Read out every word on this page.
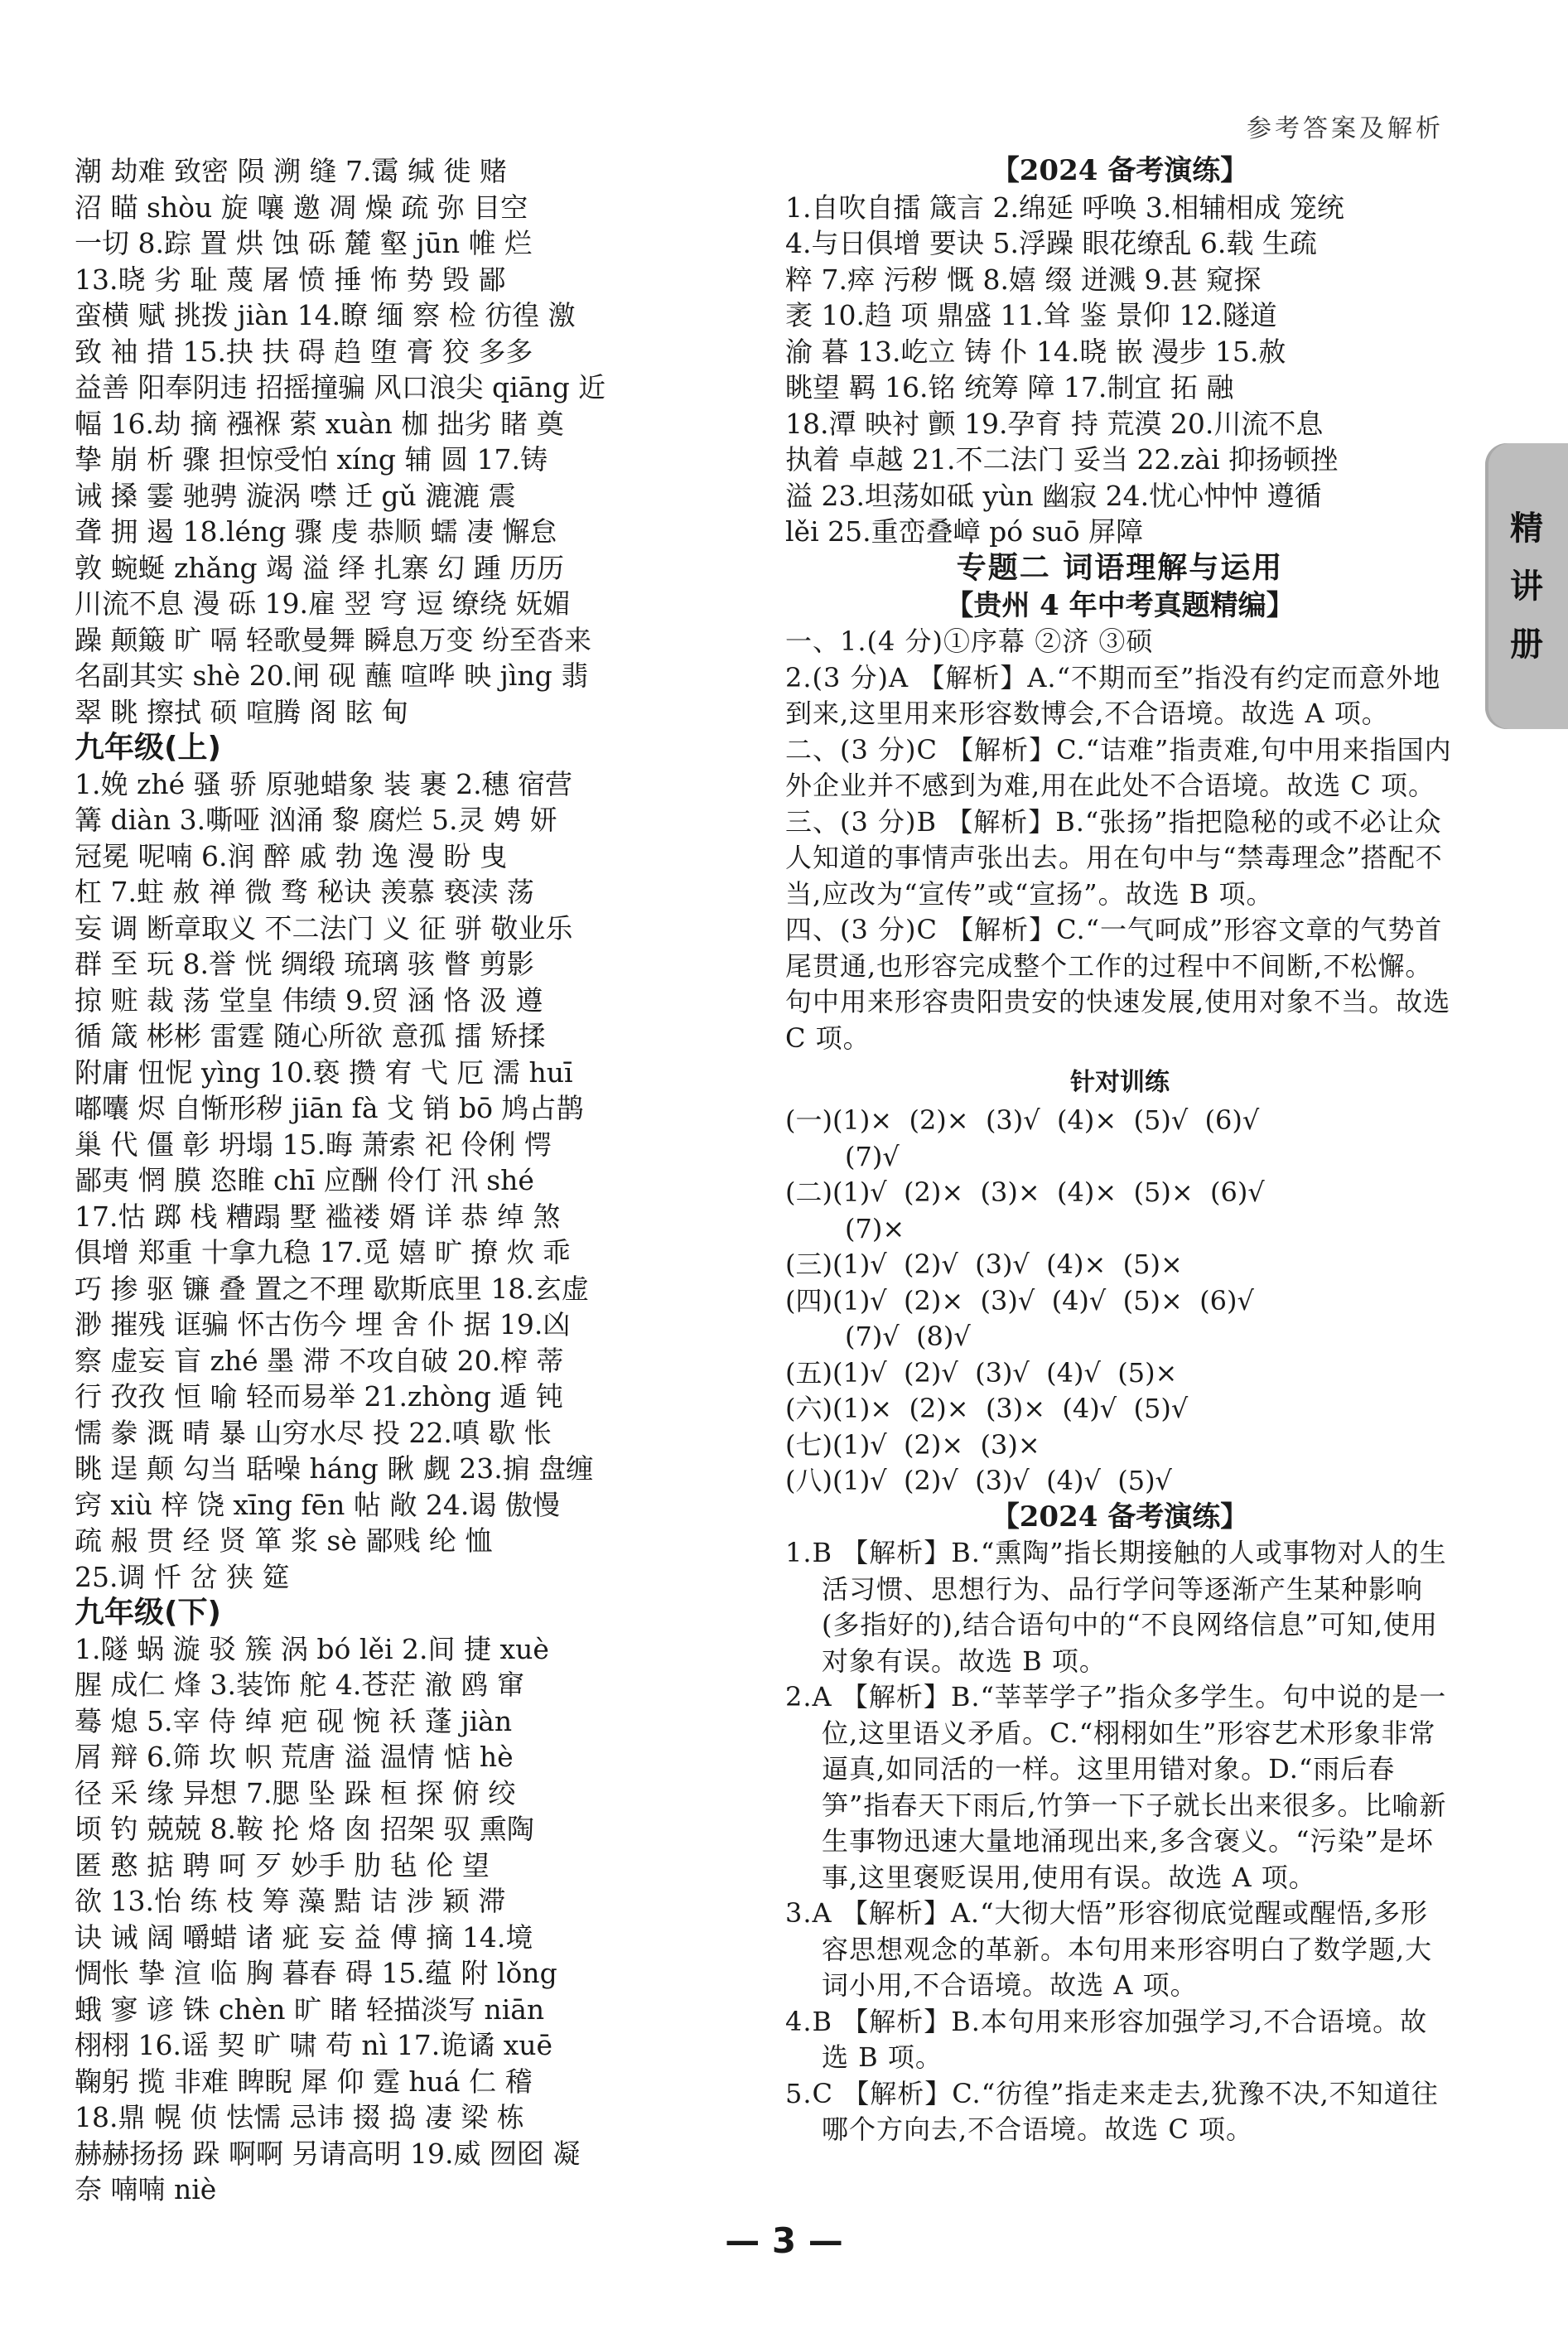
参考答案及解析
精
讲
册
潮 劫难 致密 陨 溯 缝 7.霭 缄 徙 赌
沼 瞄 shòu 旋 嚷 邀 凋 燥 疏 弥 目空
一切 8.踪 置 烘 蚀 砾 麓 壑 jūn 帷 烂
13.晓 劣 耻 蔑 屠 愤 捶 怖 势 毁 鄙
蛮横 赋 挑拨 jiàn 14.瞭 缅 察 检 彷徨 激
致 袖 措 15.抉 扶 碍 趋 堕 膏 狡 多多
益善 阳奉阴违 招摇撞骗 风口浪尖 qiāng 近
幅 16.劫 摘 襁褓 萦 xuàn 枷 拙劣 睹 奠
挚 崩 析 骤 担惊受怕 xíng 辅 圆 17.铸
诫 搡 霎 驰骋 漩涡 噤 迁 gǔ 漉漉 震
聋 拥 遏 18.léng 骤 虔 恭顺 蠕 凄 懈怠
敦 蜿蜒 zhǎng 竭 溢 绎 扎寨 幻 踵 历历
川流不息 漫 砾 19.雇 翌 穹 逗 缭绕 妩媚
躁 颠簸 旷 嗝 轻歌曼舞 瞬息万变 纷至沓来
名副其实 shè 20.闸 砚 蘸 喧哗 映 jìng 翡
翠 眺 擦拭 硕 喧腾 阁 眩 甸
九年级(上)
1.娩 zhé 骚 骄 原驰蜡象 装 裹 2.穗 宿营
篝 diàn 3.嘶哑 汹涌 黎 腐烂 5.灵 娉 妍
冠冕 呢喃 6.润 醉 戚 勃 逸 漫 盼 曳
杠 7.蛀 赦 禅 微 骛 秘诀 羡慕 亵渎 荡
妄 调 断章取义 不二法门 义 征 骈 敬业乐
群 至 玩 8.誉 恍 绸缎 琉璃 骇 瞥 剪影
掠 赃 裁 荡 堂皇 伟绩 9.贸 涵 恪 汲 遵
循 箴 彬彬 雷霆 随心所欲 意孤 擂 矫揉
附庸 忸怩 yìng 10.亵 攒 宥 弋 厄 濡 huī
嘟囔 烬 自惭形秽 jiān fà 戈 销 bō 鸠占鹊
巢 代 僵 彰 坍塌 15.晦 萧索 祀 伶俐 愕
鄙夷 惘 膜 恣睢 chī 应酬 伶仃 汛 shé
17.怙 踯 栈 糟蹋 墅 褴褛 婿 详 恭 绰 煞
俱增 郑重 十拿九稳 17.觅 嬉 旷 撩 炊 乖
巧 掺 驱 镰 叠 置之不理 歇斯底里 18.玄虚
渺 摧残 诓骗 怀古伤今 埋 舍 仆 据 19.凶
察 虚妄 盲 zhé 墨 滞 不攻自破 20.榨 蒂
行 孜孜 恒 喻 轻而易举 21.zhòng 遁 钝
懦 豢 溉 晴 暴 山穷水尽 投 22.嗔 歇 怅
眺 逞 颠 勾当 聒噪 háng 瞅 觑 23.掮 盘缠
窍 xiù 梓 饶 xīng fēn 帖 敞 24.谒 傲慢
疏 赧 贯 经 贤 箪 浆 sè 鄙贱 纶 恤
25.调 忏 岔 狭 筵
九年级(下)
1.隧 蜗 漩 驳 簇 涡 bó lěi 2.间 捷 xuè
腥 成仁 烽 3.装饰 舵 4.苍茫 澈 鸥 窜
蓦 熄 5.宰 侍 绰 疤 砚 惋 袄 蓬 jiàn
屑 辩 6.筛 坎 帜 荒唐 溢 温情 惦 hè
径 采 缘 异想 7.腮 坠 跺 桓 探 俯 绞
顷 钓 兢兢 8.鞍 抡 烙 囱 招架 驭 熏陶
匿 憨 掂 聘 呵 歹 妙手 肋 毡 伦 望
欲 13.怡 练 枝 筹 藻 黠 诘 涉 颖 滞
诀 诫 阔 嚼蜡 诸 疵 妄 益 傅 摘 14.境
惆怅 挚 渲 临 胸 暮春 碍 15.蕴 附 lǒng
蛾 寥 谚 铢 chèn 旷 睹 轻描淡写 niān
栩栩 16.谣 契 旷 啸 苟 nì 17.诡谲 xuē
鞠躬 揽 非难 睥睨 犀 仰 霆 huá 仁 稽
18.鼎 幌 侦 怯懦 忌讳 掇 捣 凄 梁 栋
赫赫扬扬 跺 啊啊 另请高明 19.威 囫囵 凝
奈 喃喃 niè
【2024 备考演练】
1.自吹自擂 箴言 2.绵延 呼唤 3.相辅相成 笼统
4.与日俱增 要诀 5.浮躁 眼花缭乱 6.载 生疏
粹 7.瘁 污秽 慨 8.嬉 缀 迸溅 9.甚 窥探
袤 10.趋 项 鼎盛 11.耸 鉴 景仰 12.隧道
渝 暮 13.屹立 铸 仆 14.晓 嵌 漫步 15.赦
眺望 羁 16.铭 统筹 障 17.制宜 拓 融
18.潭 映衬 颤 19.孕育 持 荒漠 20.川流不息
执着 卓越 21.不二法门 妥当 22.zài 抑扬顿挫
溢 23.坦荡如砥 yùn 幽寂 24.忧心忡忡 遵循
lěi 25.重峦叠嶂 pó suō 屏障
专题二 词语理解与运用
【贵州 4 年中考真题精编】
一、1.(4 分)①序幕 ②济 ③硕
2.(3 分)A 【解析】A.“不期而至”指没有约定而意外地到来,这里用来形容数博会,不合语境。故选 A 项。
二、(3 分)C 【解析】C.“诘难”指责难,句中用来指国内外企业并不感到为难,用在此处不合语境。故选 C 项。
三、(3 分)B 【解析】B.“张扬”指把隐秘的或不必让众人知道的事情声张出去。用在句中与“禁毒理念”搭配不当,应改为“宣传”或“宣扬”。故选 B 项。
四、(3 分)C 【解析】C.“一气呵成”形容文章的气势首尾贯通,也形容完成整个工作的过程中不间断,不松懈。句中用来形容贵阳贵安的快速发展,使用对象不当。故选 C 项。
针对训练
(一)(1)×  (2)×  (3)√  (4)×  (5)√  (6)√
(7)√
(二)(1)√  (2)×  (3)×  (4)×  (5)×  (6)√
(7)×
(三)(1)√  (2)√  (3)√  (4)×  (5)×
(四)(1)√  (2)×  (3)√  (4)√  (5)×  (6)√
(7)√  (8)√
(五)(1)√  (2)√  (3)√  (4)√  (5)×
(六)(1)×  (2)×  (3)×  (4)√  (5)√
(七)(1)√  (2)×  (3)×
(八)(1)√  (2)√  (3)√  (4)√  (5)√
【2024 备考演练】
1.B 【解析】B.“熏陶”指长期接触的人或事物对人的生活习惯、思想行为、品行学问等逐渐产生某种影响(多指好的),结合语句中的“不良网络信息”可知,使用对象有误。故选 B 项。
2.A 【解析】B.“莘莘学子”指众多学生。句中说的是一位,这里语义矛盾。C.“栩栩如生”形容艺术形象非常逼真,如同活的一样。这里用错对象。D.“雨后春笋”指春天下雨后,竹笋一下子就长出来很多。比喻新生事物迅速大量地涌现出来,多含褒义。“污染”是坏事,这里褒贬误用,使用有误。故选 A 项。
3.A 【解析】A.“大彻大悟”形容彻底觉醒或醒悟,多形容思想观念的革新。本句用来形容明白了数学题,大词小用,不合语境。故选 A 项。
4.B 【解析】B.本句用来形容加强学习,不合语境。故选 B 项。
5.C 【解析】C.“彷徨”指走来走去,犹豫不决,不知道往哪个方向去,不合语境。故选 C 项。
— 3 —
